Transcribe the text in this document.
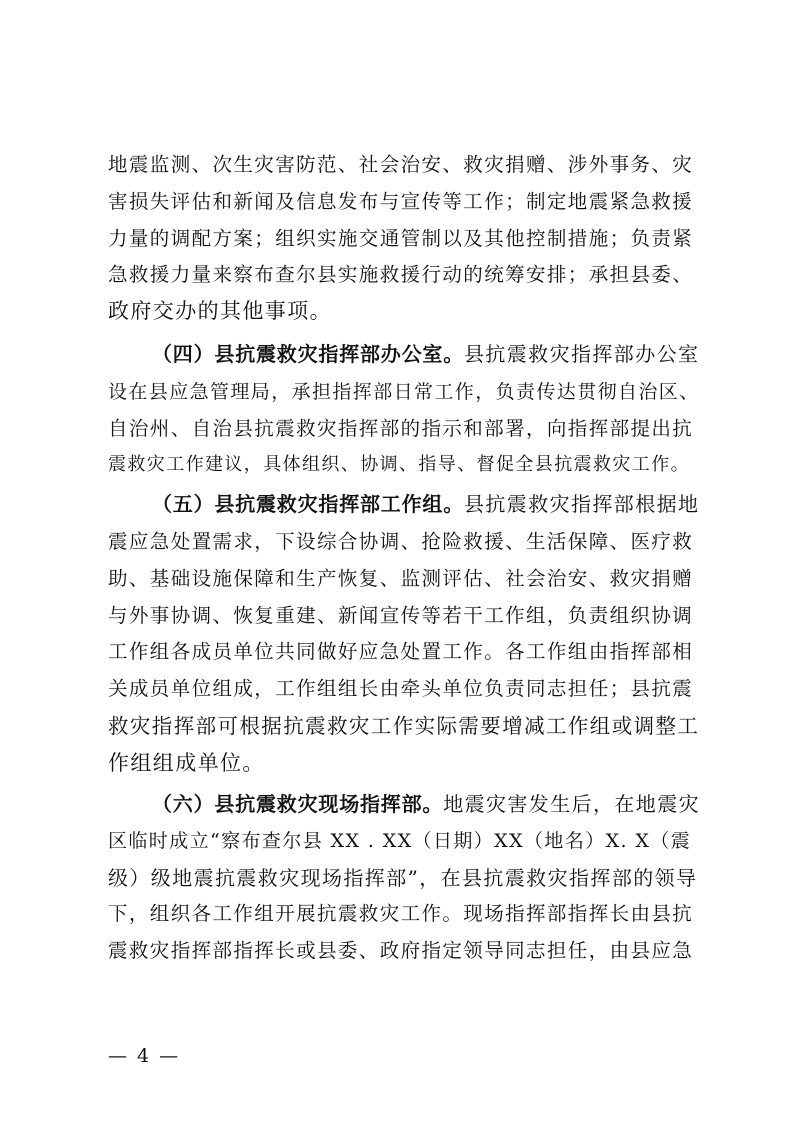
地震监测、次生灾害防范、社会治安、救灾捐赠、涉外事务、灾
害损失评估和新闻及信息发布与宣传等工作；制定地震紧急救援
力量的调配方案；组织实施交通管制以及其他控制措施；负责紧
急救援力量来察布查尔县实施救援行动的统筹安排；承担县委、
政府交办的其他事项。
（四）县抗震救灾指挥部办公室。县抗震救灾指挥部办公室
设在县应急管理局，承担指挥部日常工作，负责传达贯彻自治区、
自治州、自治县抗震救灾指挥部的指示和部署，向指挥部提出抗
震救灾工作建议，具体组织、协调、指导、督促全县抗震救灾工作。
（五）县抗震救灾指挥部工作组。县抗震救灾指挥部根据地
震应急处置需求，下设综合协调、抢险救援、生活保障、医疗救
助、基础设施保障和生产恢复、监测评估、社会治安、救灾捐赠
与外事协调、恢复重建、新闻宣传等若干工作组，负责组织协调
工作组各成员单位共同做好应急处置工作。各工作组由指挥部相
关成员单位组成，工作组组长由牵头单位负责同志担任；县抗震
救灾指挥部可根据抗震救灾工作实际需要增减工作组或调整工
作组组成单位。
（六）县抗震救灾现场指挥部。地震灾害发生后，在地震灾
区临时成立“察布查尔县 XX . XX（日期）XX（地名）X. X（震
级）级地震抗震救灾现场指挥部”，在县抗震救灾指挥部的领导
下，组织各工作组开展抗震救灾工作。现场指挥部指挥长由县抗
震救灾指挥部指挥长或县委、政府指定领导同志担任，由县应急
— 4 —
